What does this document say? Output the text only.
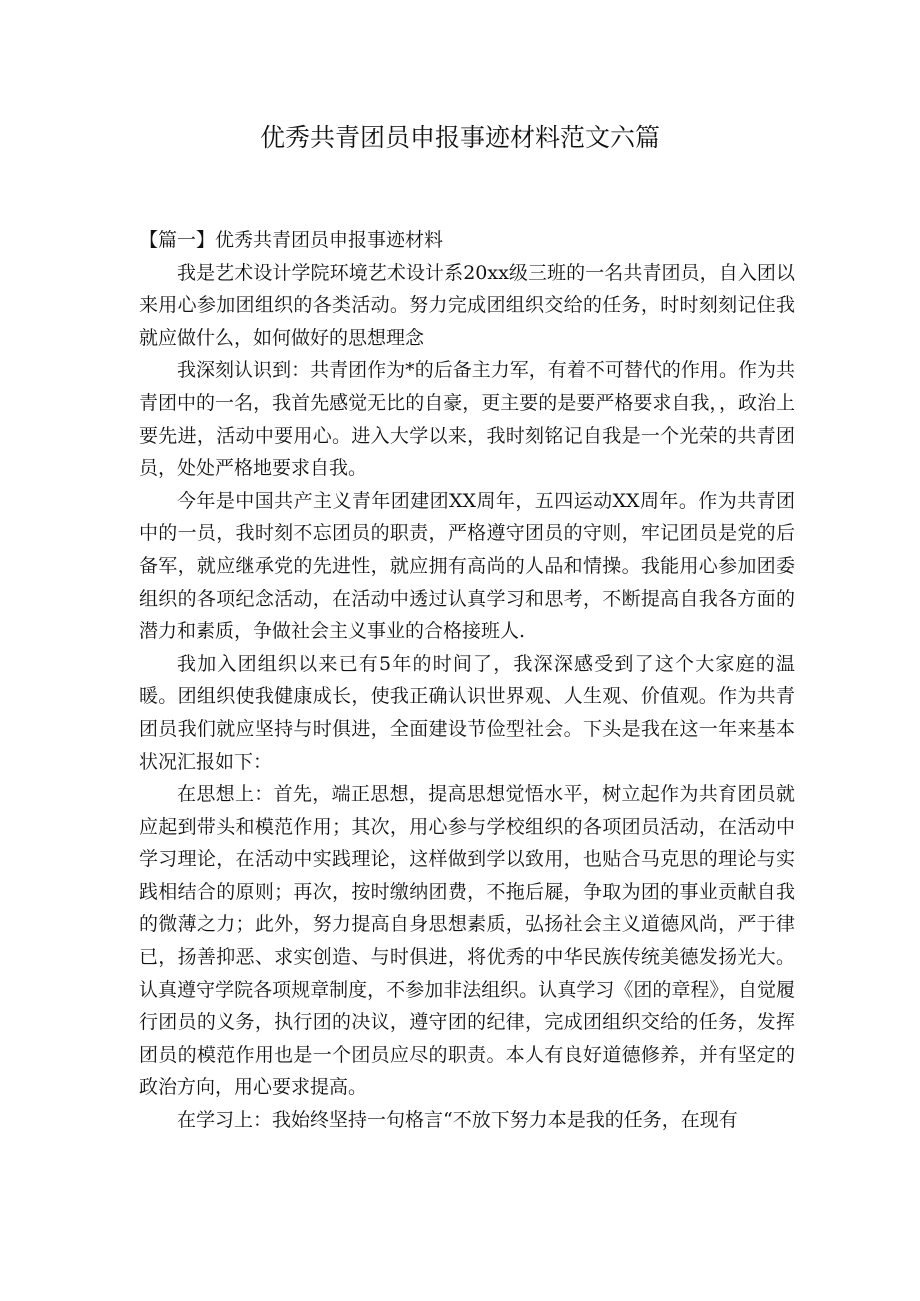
优秀共青团员申报事迹材料范文六篇

【篇一】优秀共青团员申报事迹材料

我是艺术设计学院环境艺术设计系20xx级三班的一名共青团员，自入团以来用心参加团组织的各类活动。努力完成团组织交给的任务，时时刻刻记住我就应做什么，如何做好的思想理念

我深刻认识到：共青团作为*的后备主力军，有着不可替代的作用。作为共青团中的一名，我首先感觉无比的自豪，更主要的是要严格要求自我，，政治上要先进，活动中要用心。进入大学以来，我时刻铭记自我是一个光荣的共青团员，处处严格地要求自我。

今年是中国共产主义青年团建团XX周年，五四运动XX周年。作为共青团中的一员，我时刻不忘团员的职责，严格遵守团员的守则，牢记团员是党的后备军，就应继承党的先进性，就应拥有高尚的人品和情操。我能用心参加团委组织的各项纪念活动，在活动中透过认真学习和思考，不断提高自我各方面的潜力和素质，争做社会主义事业的合格接班人.

我加入团组织以来已有5年的时间了，我深深感受到了这个大家庭的温暖。团组织使我健康成长，使我正确认识世界观、人生观、价值观。作为共青团员我们就应坚持与时俱进，全面建设节俭型社会。下头是我在这一年来基本状况汇报如下：

在思想上：首先，端正思想，提高思想觉悟水平，树立起作为共育团员就应起到带头和模范作用；其次，用心参与学校组织的各项团员活动，在活动中学习理论，在活动中实践理论，这样做到学以致用，也贴合马克思的理论与实践相结合的原则；再次，按时缴纳团费，不拖后屣，争取为团的事业贡献自我的微薄之力；此外，努力提高自身思想素质，弘扬社会主义道德风尚，严于律已，扬善抑恶、求实创造、与时俱进，将优秀的中华民族传统美德发扬光大。认真遵守学院各项规章制度，不参加非法组织。认真学习《团的章程》，自觉履行团员的义务，执行团的决议，遵守团的纪律，完成团组织交给的任务，发挥团员的模范作用也是一个团员应尽的职责。本人有良好道德修养，并有坚定的政治方向，用心要求提高。

在学习上：我始终坚持一句格言“不放下努力本是我的任务，在现有
